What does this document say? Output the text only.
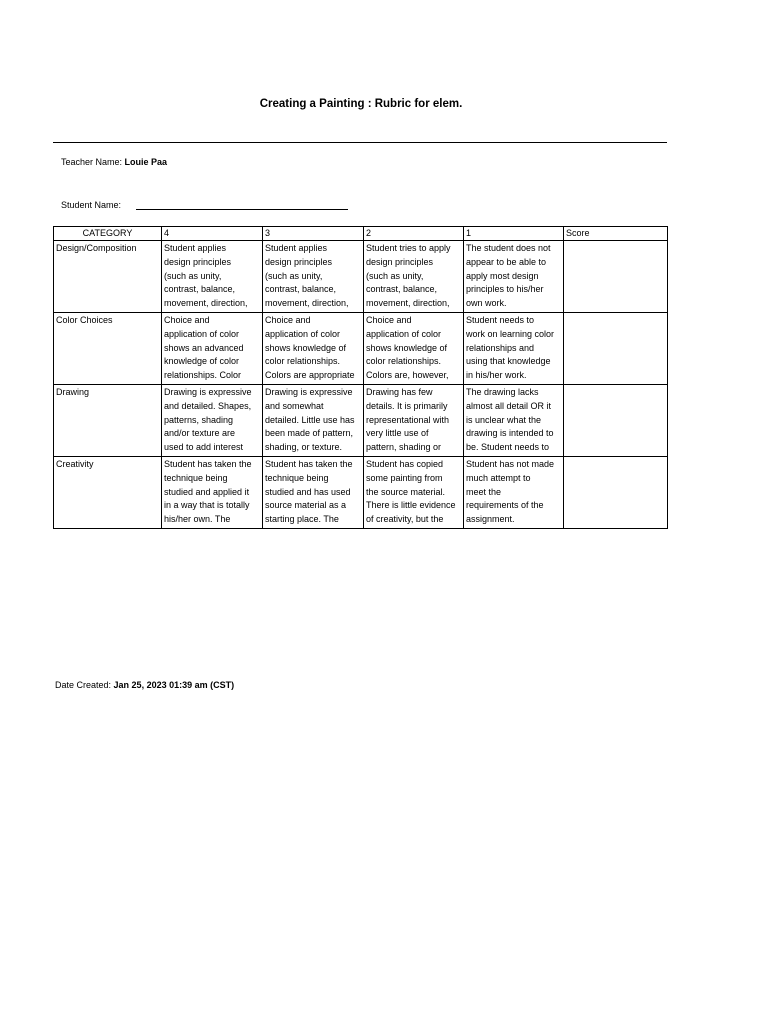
Creating a Painting : Rubric for elem.
Teacher Name: Louie Paa
Student Name:
CATEGORY	4	3	2	1	Score
Design/Composition	Student applies
design principles
(such as unity,
contrast, balance,
movement, direction,	Student applies
design principles
(such as unity,
contrast, balance,
movement, direction,	Student tries to apply
design principles
(such as unity,
contrast, balance,
movement, direction,	The student does not
appear to be able to
apply most design
principles to his/her
own work.	

Color Choices	Choice and
application of color
shows an advanced
knowledge of color
relationships. Color	Choice and
application of color
shows knowledge of
color relationships.
Colors are appropriate	Choice and
application of color
shows knowledge of
color relationships.
Colors are, however,	Student needs to
work on learning color
relationships and
using that knowledge
in his/her work.	

Drawing	Drawing is expressive
and detailed. Shapes,
patterns, shading
and/or texture are
used to add interest	Drawing is expressive
and somewhat
detailed. Little use has
been made of pattern,
shading, or texture.	Drawing has few
details. It is primarily
representational with
very little use of
pattern, shading or	The drawing lacks
almost all detail OR it
is unclear what the
drawing is intended to
be. Student needs to	

Creativity	Student has taken the
technique being
studied and applied it
in a way that is totally
his/her own. The	Student has taken the
technique being
studied and has used
source material as a
starting place. The	Student has copied
some painting from
the source material.
There is little evidence
of creativity, but the	Student has not made
much attempt to
meet the
requirements of the
assignment.	

Date Created: Jan 25, 2023 01:39 am (CST)
